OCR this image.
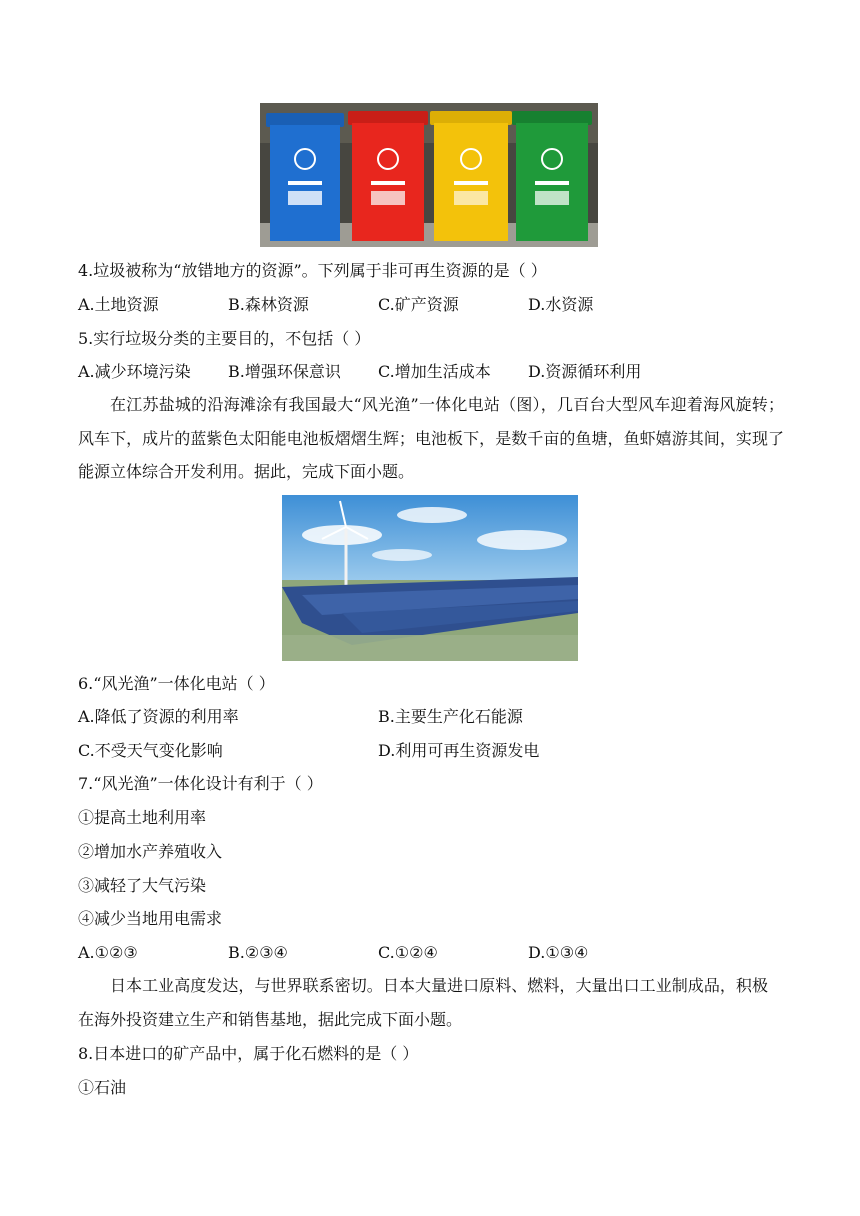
4.垃圾被称为“放错地方的资源”。下列属于非可再生资源的是（ ）
A.土地资源	B.森林资源	C.矿产资源	D.水资源
5.实行垃圾分类的主要目的，不包括（ ）
A.减少环境污染 B.增强环保意识 C.增加生活成本 D.资源循环利用
在江苏盐城的沿海滩涂有我国最大“风光渔”一体化电站（图），几百台大型风车迎着海风旋转；风车下，成片的蓝紫色太阳能电池板熠熠生辉；电池板下，是数千亩的鱼塘，鱼虾嬉游其间，实现了能源立体综合开发利用。据此，完成下面小题。
6.“风光渔”一体化电站（ ）
A.降低了资源的利用率	B.主要生产化石能源
C.不受天气变化影响	D.利用可再生资源发电
7.“风光渔”一体化设计有利于（ ）
①提高土地利用率
②增加水产养殖收入
③减轻了大气污染
④减少当地用电需求
A.①②③	B.②③④	C.①②④	D.①③④
日本工业高度发达，与世界联系密切。日本大量进口原料、燃料，大量出口工业制成品，积极在海外投资建立生产和销售基地，据此完成下面小题。
8.日本进口的矿产品中，属于化石燃料的是（ ）
①石油
